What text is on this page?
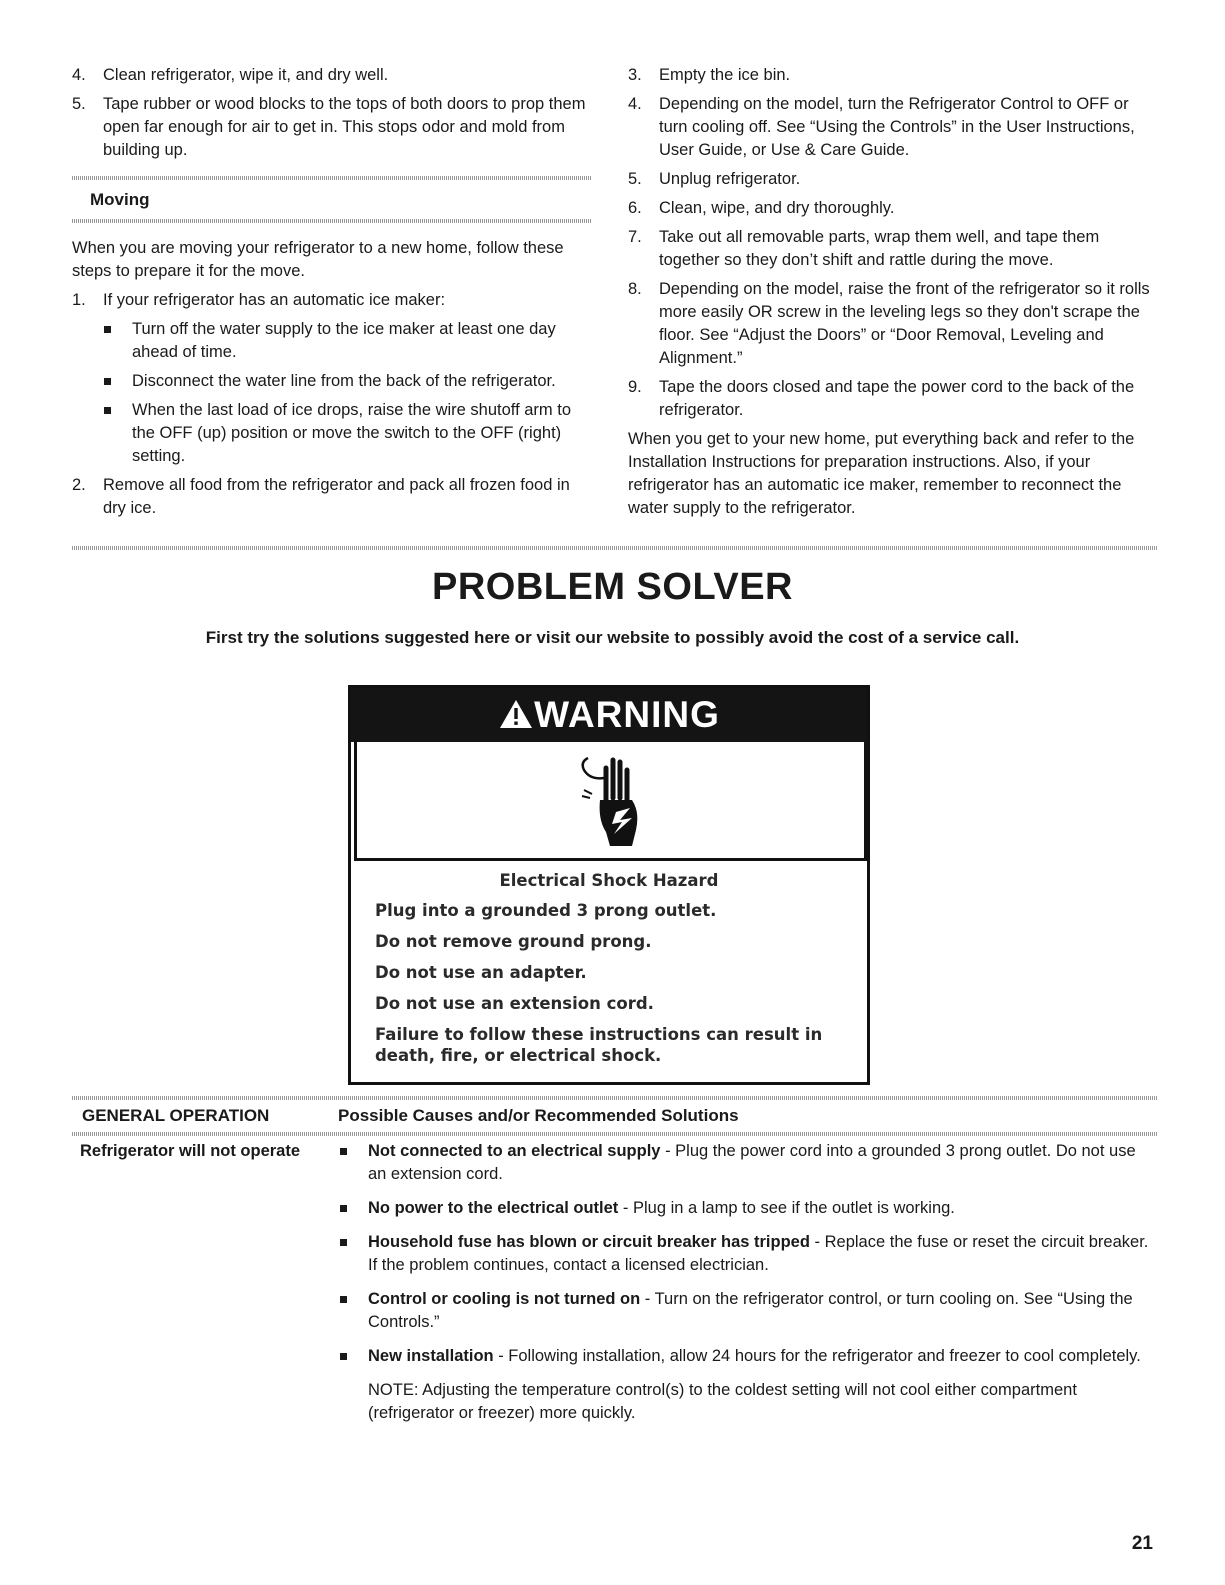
4.	Clean refrigerator, wipe it, and dry well.
5.	Tape rubber or wood blocks to the tops of both doors to prop them open far enough for air to get in. This stops odor and mold from building up.
Moving

When you are moving your refrigerator to a new home, follow these steps to prepare it for the move.

1.	If your refrigerator has an automatic ice maker:
Turn off the water supply to the ice maker at least one day ahead of time.
Disconnect the water line from the back of the refrigerator.
When the last load of ice drops, raise the wire shutoff arm to the OFF (up) position or move the switch to the OFF (right) setting.
2.	Remove all food from the refrigerator and pack all frozen food in dry ice.
3.	Empty the ice bin.
4.	Depending on the model, turn the Refrigerator Control to OFF or turn cooling off. See “Using the Controls” in the User Instructions, User Guide, or Use & Care Guide.
5.	Unplug refrigerator.
6.	Clean, wipe, and dry thoroughly.
7.	Take out all removable parts, wrap them well, and tape them together so they don’t shift and rattle during the move.
8.	Depending on the model, raise the front of the refrigerator so it rolls more easily OR screw in the leveling legs so they don't scrape the floor. See “Adjust the Doors” or “Door Removal, Leveling and Alignment.”
9.	Tape the doors closed and tape the power cord to the back of the refrigerator.

When you get to your new home, put everything back and refer to the Installation Instructions for preparation instructions. Also, if your refrigerator has an automatic ice maker, remember to reconnect the water supply to the refrigerator.

PROBLEM SOLVER
First try the solutions suggested here or visit our website to possibly avoid the cost of a service call.
WARNING
Electrical Shock Hazard
Plug into a grounded 3 prong outlet.
Do not remove ground prong.
Do not use an adapter.
Do not use an extension cord.
Failure to follow these instructions can result in death, fire, or electrical shock.
GENERAL OPERATION	Possible Causes and/or Recommended Solutions
Refrigerator will not operate	Not connected to an electrical supply - Plug the power cord into a grounded 3 prong outlet. Do not use an extension cord.
No power to the electrical outlet - Plug in a lamp to see if the outlet is working.
Household fuse has blown or circuit breaker has tripped - Replace the fuse or reset the circuit breaker. If the problem continues, contact a licensed electrician.
Control or cooling is not turned on - Turn on the refrigerator control, or turn cooling on. See “Using the Controls.”
New installation - Following installation, allow 24 hours for the refrigerator and freezer to cool completely.
NOTE: Adjusting the temperature control(s) to the coldest setting will not cool either compartment (refrigerator or freezer) more quickly.
21
